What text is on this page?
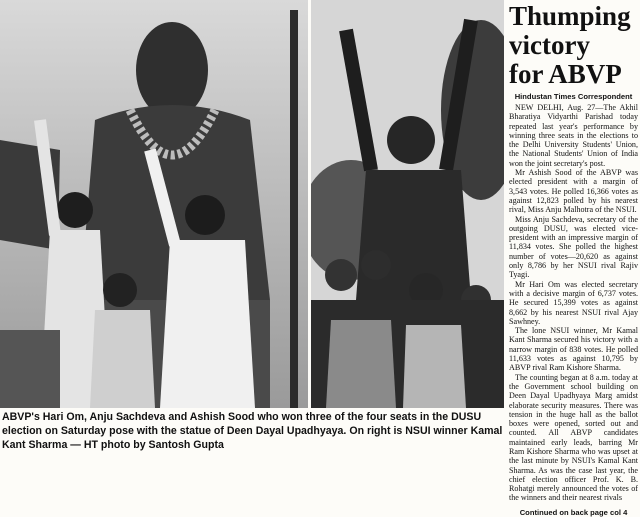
ABVP's Hari Om, Anju Sachdeva and Ashish Sood who won three of the four seats in the DUSU election on Saturday pose with the statue of Deen Dayal Upadhyaya. On right is NSUI winner Kamal Kant Sharma — HT photo by Santosh Gupta
Thumping
victory
for ABVP
Hindustan Times Correspondent

NEW DELHI, Aug. 27—The Akhil Bharatiya Vidyarthi Parishad today repeated last year's performance by winning three seats in the elections to the Delhi University Students' Union, the National Students' Union of India won the joint secretary's post.

Mr Ashish Sood of the ABVP was elected president with a margin of 3,543 votes. He polled 16,366 votes as against 12,823 polled by his nearest rival, Miss Anju Malhotra of the NSUI.

Miss Anju Sachdeva, secretary of the outgoing DUSU, was elected vice-president with an impressive margin of 11,834 votes. She polled the highest number of votes—20,620 as against only 8,786 by her NSUI rival Rajiv Tyagi.

Mr Hari Om was elected secretary with a decisive margin of 6,737 votes. He secured 15,399 votes as against 8,662 by his nearest NSUI rival Ajay Sawhney.

The lone NSUI winner, Mr Kamal Kant Sharma secured his victory with a narrow margin of 838 votes. He polled 11,633 votes as against 10,795 by ABVP rival Ram Kishore Sharma.

The counting began at 8 a.m. today at the Government school building on Deen Dayal Upadhyaya Marg amidst elaborate security measures. There was tension in the huge hall as the ballot boxes were opened, sorted out and counted. All ABVP candidates maintained early leads, barring Mr Ram Kishore Sharma who was upset at the last minute by NSUI's Kamal Kant Sharma. As was the case last year, the chief election officer Prof. K. B. Rohatgi merely announced the votes of the winners and their nearest rivals

Continued on back page col 4
